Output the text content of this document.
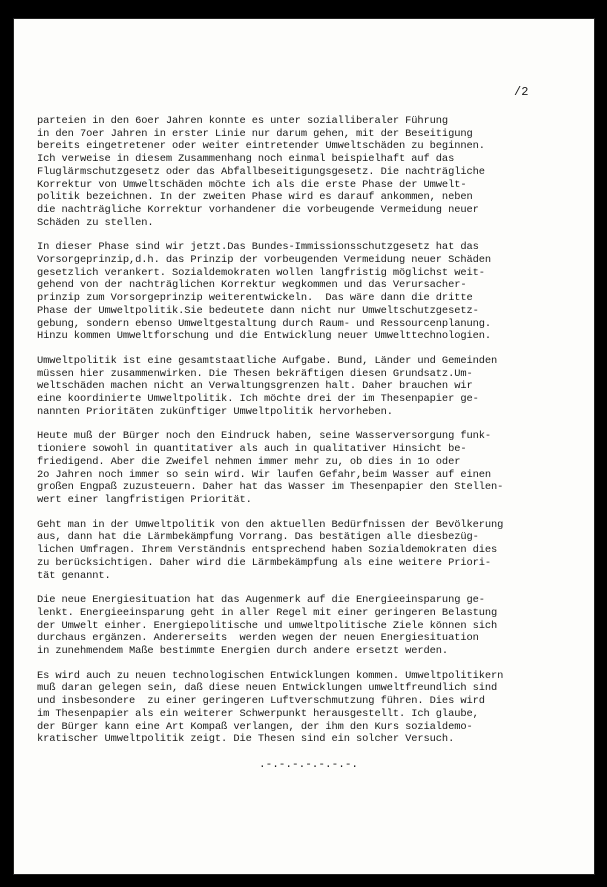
/2
parteien in den 6oer Jahren konnte es unter sozialliberaler Führung
in den 7oer Jahren in erster Linie nur darum gehen, mit der Beseitigung
bereits eingetretener oder weiter eintretender Umweltschäden zu beginnen.
Ich verweise in diesem Zusammenhang noch einmal beispielhaft auf das
Fluglärmschutzgesetz oder das Abfallbeseitigungsgesetz. Die nachträgliche
Korrektur von Umweltschäden möchte ich als die erste Phase der Umwelt-
politik bezeichnen. In der zweiten Phase wird es darauf ankommen, neben
die nachträgliche Korrektur vorhandener die vorbeugende Vermeidung neuer
Schäden zu stellen.
In dieser Phase sind wir jetzt.Das Bundes-Immissionsschutzgesetz hat das
Vorsorgeprinzip,d.h. das Prinzip der vorbeugenden Vermeidung neuer Schäden
gesetzlich verankert. Sozialdemokraten wollen langfristig möglichst weit-
gehend von der nachträglichen Korrektur wegkommen und das Verursacher-
prinzip zum Vorsorgeprinzip weiterentwickeln.  Das wäre dann die dritte
Phase der Umweltpolitik.Sie bedeutete dann nicht nur Umweltschutzgesetz-
gebung, sondern ebenso Umweltgestaltung durch Raum- und Ressourcenplanung.
Hinzu kommen Umweltforschung und die Entwicklung neuer Umwelttechnologien.
Umweltpolitik ist eine gesamtstaatliche Aufgabe. Bund, Länder und Gemeinden
müssen hier zusammenwirken. Die Thesen bekräftigen diesen Grundsatz.Um-
weltschäden machen nicht an Verwaltungsgrenzen halt. Daher brauchen wir
eine koordinierte Umweltpolitik. Ich möchte drei der im Thesenpapier ge-
nannten Prioritäten zukünftiger Umweltpolitik hervorheben.
Heute muß der Bürger noch den Eindruck haben, seine Wasserversorgung funk-
tioniere sowohl in quantitativer als auch in qualitativer Hinsicht be-
friedigend. Aber die Zweifel nehmen immer mehr zu, ob dies in 1o oder
2o Jahren noch immer so sein wird. Wir laufen Gefahr,beim Wasser auf einen
großen Engpaß zuzusteuern. Daher hat das Wasser im Thesenpapier den Stellen-
wert einer langfristigen Priorität.
Geht man in der Umweltpolitik von den aktuellen Bedürfnissen der Bevölkerung
aus, dann hat die Lärmbekämpfung Vorrang. Das bestätigen alle diesbezüg-
lichen Umfragen. Ihrem Verständnis entsprechend haben Sozialdemokraten dies
zu berücksichtigen. Daher wird die Lärmbekämpfung als eine weitere Priori-
tät genannt.
Die neue Energiesituation hat das Augenmerk auf die Energieeinsparung ge-
lenkt. Energieeinsparung geht in aller Regel mit einer geringeren Belastung
der Umwelt einher. Energiepolitische und umweltpolitische Ziele können sich
durchaus ergänzen. Andererseits  werden wegen der neuen Energiesituation
in zunehmendem Maße bestimmte Energien durch andere ersetzt werden.
Es wird auch zu neuen technologischen Entwicklungen kommen. Umweltpolitikern
muß daran gelegen sein, daß diese neuen Entwicklungen umweltfreundlich sind
und insbesondere  zu einer geringeren Luftverschmutzung führen. Dies wird
im Thesenpapier als ein weiterer Schwerpunkt herausgestellt. Ich glaube,
der Bürger kann eine Art Kompaß verlangen, der ihm den Kurs sozialdemo-
kratischer Umweltpolitik zeigt. Die Thesen sind ein solcher Versuch.
.-.-.-.-.-.-.-.
